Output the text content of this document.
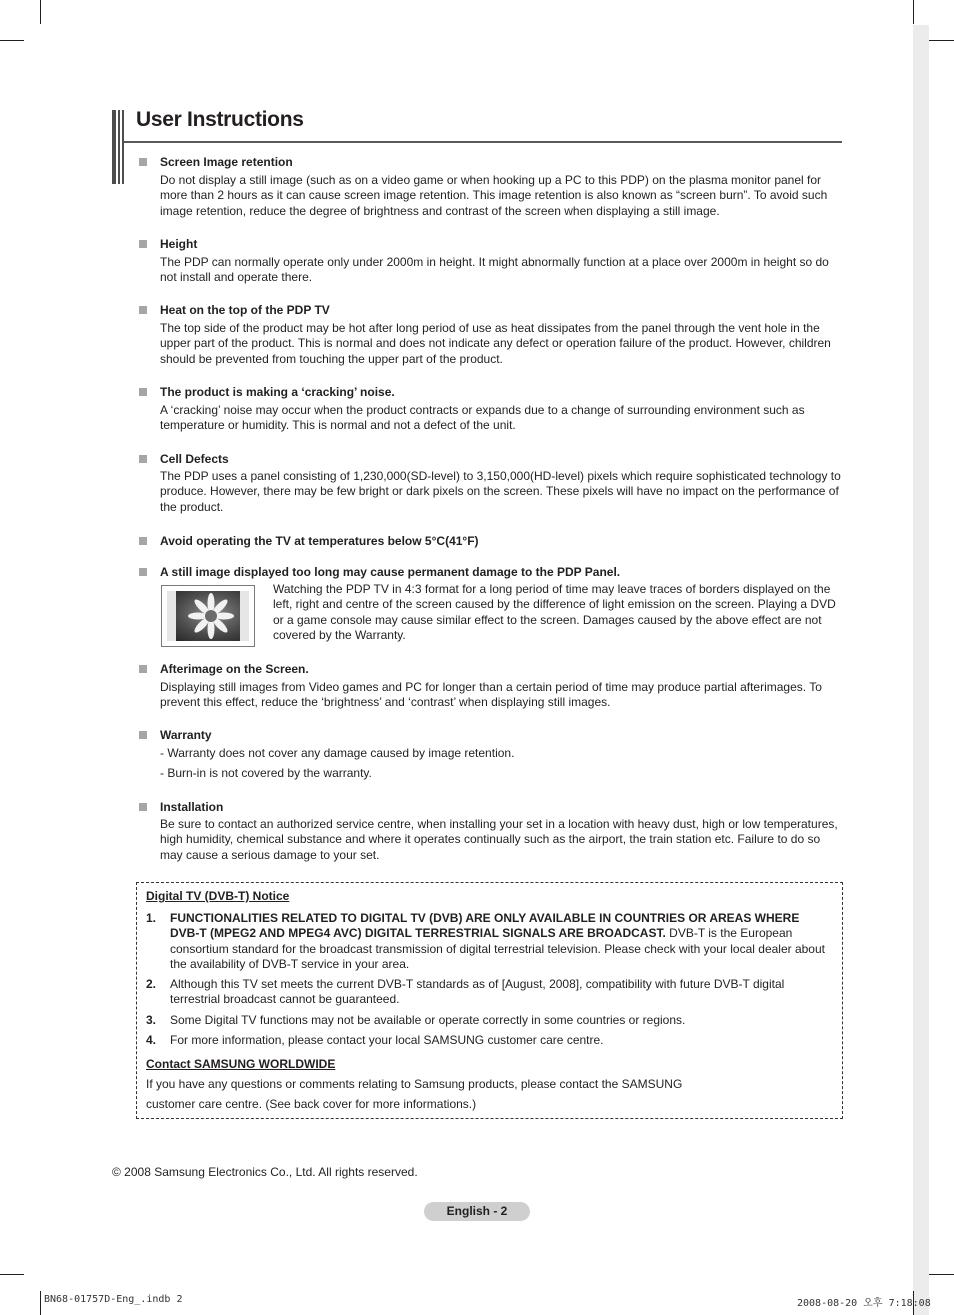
User Instructions
Screen Image retention
Do not display a still image (such as on a video game or when hooking up a PC to this PDP) on the plasma monitor panel for more than 2 hours as it can cause screen image retention. This image retention is also known as “screen burn”. To avoid such image retention, reduce the degree of brightness and contrast of the screen when displaying a still image.
Height
The PDP can normally operate only under 2000m in height. It might abnormally function at a place over 2000m in height so do not install and operate there.
Heat on the top of the PDP TV
The top side of the product may be hot after long period of use as heat dissipates from the panel through the vent hole in the upper part of the product. This is normal and does not indicate any defect or operation failure of the product. However, children should be prevented from touching the upper part of the product.
The product is making a ‘cracking’ noise.
A ‘cracking’ noise may occur when the product contracts or expands due to a change of surrounding environment such as temperature or humidity. This is normal and not a defect of the unit.
Cell Defects
The PDP uses a panel consisting of 1,230,000(SD-level) to 3,150,000(HD-level) pixels which require sophisticated technology to produce. However, there may be few bright or dark pixels on the screen. These pixels will have no impact on the performance of the product.
Avoid operating the TV at temperatures below 5°C(41°F)
A still image displayed too long may cause permanent damage to the PDP Panel.
Watching the PDP TV in 4:3 format for a long period of time may leave traces of borders displayed on the left, right and centre of the screen caused by the difference of light emission on the screen. Playing a DVD or a game console may cause similar effect to the screen. Damages caused by the above effect are not covered by the Warranty.
Afterimage on the Screen.
Displaying still images from Video games and PC for longer than a certain period of time may produce partial afterimages. To prevent this effect, reduce the ‘brightness’ and ‘contrast’ when displaying still images.
Warranty
- Warranty does not cover any damage caused by image retention.
- Burn-in is not covered by the warranty.
Installation
Be sure to contact an authorized service centre, when installing your set in a location with heavy dust, high or low temperatures, high humidity, chemical substance and where it operates continually such as the airport, the train station etc. Failure to do so may cause a serious damage to your set.
Digital TV (DVB-T) Notice
1. FUNCTIONALITIES RELATED TO DIGITAL TV (DVB) ARE ONLY AVAILABLE IN COUNTRIES OR AREAS WHERE DVB-T (MPEG2 AND MPEG4 AVC) DIGITAL TERRESTRIAL SIGNALS ARE BROADCAST. DVB-T is the European consortium standard for the broadcast transmission of digital terrestrial television. Please check with your local dealer about the availability of DVB-T service in your area.
2. Although this TV set meets the current DVB-T standards as of [August, 2008], compatibility with future DVB-T digital terrestrial broadcast cannot be guaranteed.
3. Some Digital TV functions may not be available or operate correctly in some countries or regions.
4. For more information, please contact your local SAMSUNG customer care centre.
Contact SAMSUNG WORLDWIDE
If you have any questions or comments relating to Samsung products, please contact the SAMSUNG
customer care centre. (See back cover for more informations.)
© 2008 Samsung Electronics Co., Ltd. All rights reserved.
English - 2
BN68-01757D-Eng_.indb 2	2008-08-20 오후 7:18:08
